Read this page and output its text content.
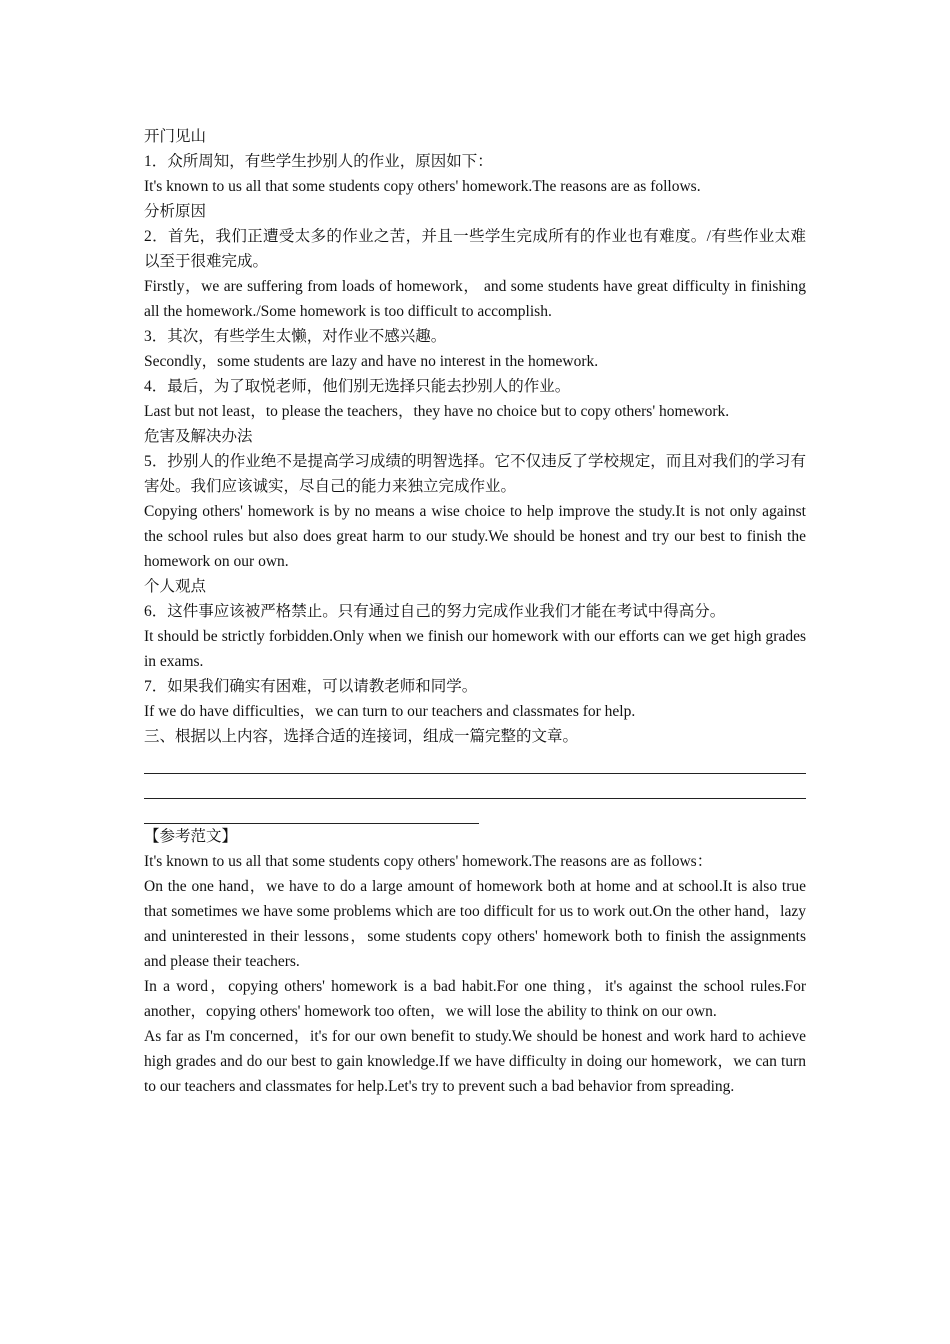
开门见山

1．众所周知，有些学生抄别人的作业，原因如下：

It's known to us all that some students copy others' homework.The reasons are as follows.

分析原因

2．首先，我们正遭受太多的作业之苦，并且一些学生完成所有的作业也有难度。/有些作业太难以至于很难完成。

Firstly，we are suffering from loads of homework， and some students have great difficulty in finishing all the homework./Some homework is too difficult to accomplish.

3．其次，有些学生太懒，对作业不感兴趣。

Secondly，some students are lazy and have no interest in the homework.

4．最后，为了取悦老师，他们别无选择只能去抄别人的作业。

Last but not least，to please the teachers，they have no choice but to copy others' homework.

危害及解决办法

5．抄别人的作业绝不是提高学习成绩的明智选择。它不仅违反了学校规定，而且对我们的学习有害处。我们应该诚实，尽自己的能力来独立完成作业。

Copying others' homework is by no means a wise choice to help improve the study.It is not only against the school rules but also does great harm to our study.We should be honest and try our best to finish the homework on our own.

个人观点

6．这件事应该被严格禁止。只有通过自己的努力完成作业我们才能在考试中得高分。

It should be strictly forbidden.Only when we finish our homework with our efforts can we get high grades in exams.

7．如果我们确实有困难，可以请教老师和同学。

If we do have difficulties，we can turn to our teachers and classmates for help.

三、根据以上内容，选择合适的连接词，组成一篇完整的文章。

【参考范文】

It's known to us all that some students copy others' homework.The reasons are as follows：

On the one hand，we have to do a large amount of homework both at home and at school.It is also true that sometimes we have some problems which are too difficult for us to work out.On the other hand，lazy and uninterested in their lessons，some students copy others' homework both to finish the assignments and please their teachers.

In a word，copying others' homework is a bad habit.For one thing，it's against the school rules.For another，copying others' homework too often，we will lose the ability to think on our own.

As far as I'm concerned，it's for our own benefit to study.We should be honest and work hard to achieve high grades and do our best to gain knowledge.If we have difficulty in doing our homework，we can turn to our teachers and classmates for help.Let's try to prevent such a bad behavior from spreading.
